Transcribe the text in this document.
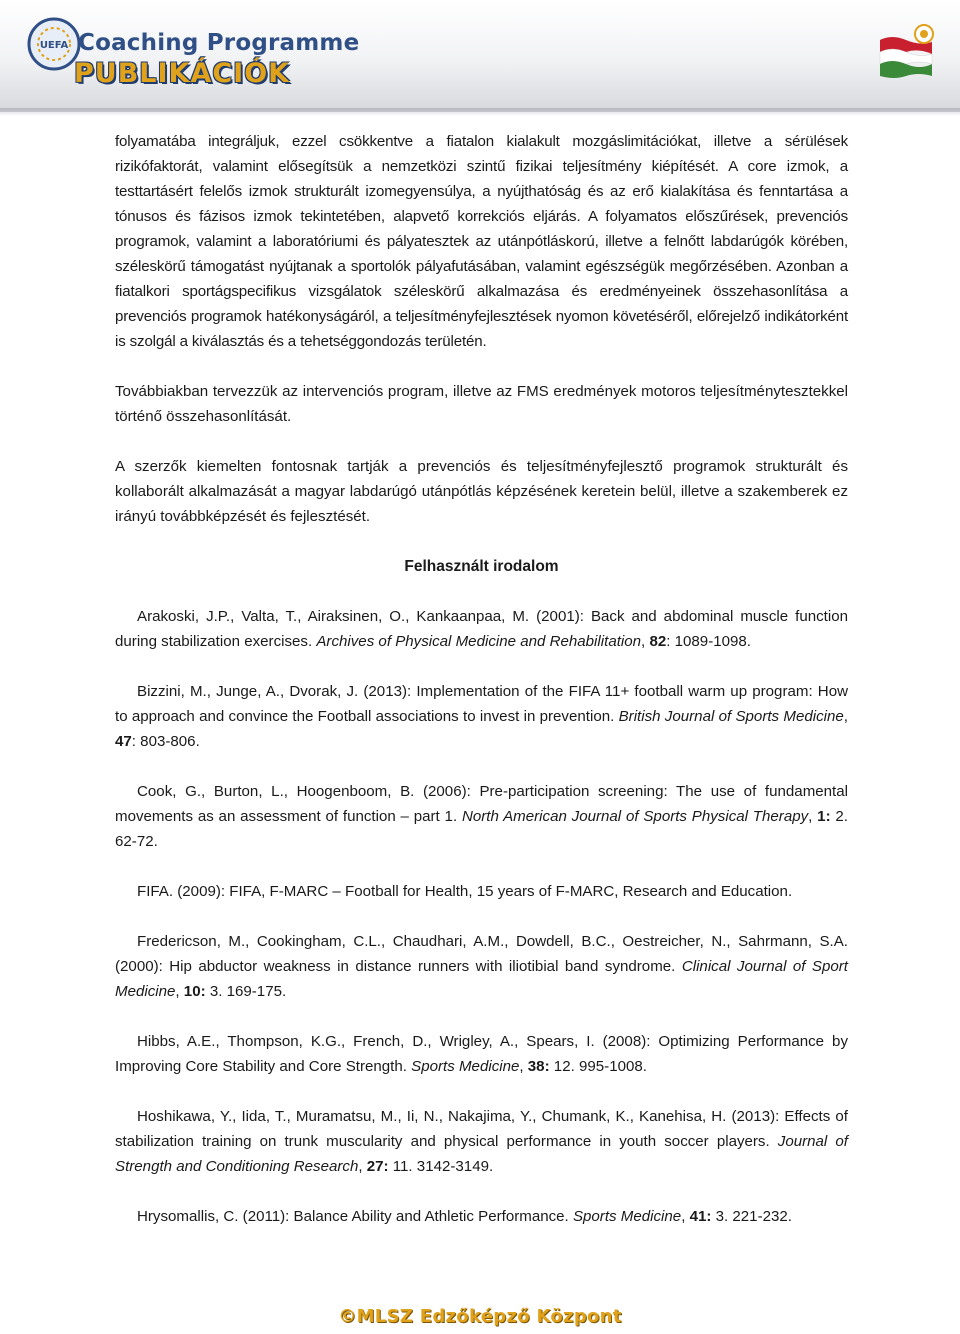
UEFA Coaching Programme
PUBLIKÁCIÓK

folyamatába integráljuk, ezzel csökkentve a fiatalon kialakult mozgáslimitációkat, illetve a sérülések rizikófaktorát, valamint elősegítsük a nemzetközi szintű fizikai teljesítmény kiépítését. A core izmok, a testtartásért felelős izmok strukturált izomegyensúlya, a nyújthatóság és az erő kialakítása és fenntartása a tónusos és fázisos izmok tekintetében, alapvető korrekciós eljárás. A folyamatos előszűrések, prevenciós programok, valamint a laboratóriumi és pályatesztek az utánpótláskorú, illetve a felnőtt labdarúgók körében, széleskörű támogatást nyújtanak a sportolók pályafutásában, valamint egészségük megőrzésében. Azonban a fiatalkori sportágspecifikus vizsgálatok széleskörű alkalmazása és eredményeinek összehasonlítása a prevenciós programok hatékonyságáról, a teljesítményfejlesztések nyomon követéséről, előrejelző indikátorként is szolgál a kiválasztás és a tehetséggondozás területén.

Továbbiakban tervezzük az intervenciós program, illetve az FMS eredmények motoros teljesítménytesztekkel történő összehasonlítását.

A szerzők kiemelten fontosnak tartják a prevenciós és teljesítményfejlesztő programok strukturált és kollaborált alkalmazását a magyar labdarúgó utánpótlás képzésének keretein belül, illetve a szakemberek ez irányú továbbképzését és fejlesztését.

Felhasznált irodalom

Arakoski, J.P., Valta, T., Airaksinen, O., Kankaanpaa, M. (2001): Back and abdominal muscle function during stabilization exercises. Archives of Physical Medicine and Rehabilitation, 82: 1089-1098.

Bizzini, M., Junge, A., Dvorak, J. (2013): Implementation of the FIFA 11+ football warm up program: How to approach and convince the Football associations to invest in prevention. British Journal of Sports Medicine, 47: 803-806.

Cook, G., Burton, L., Hoogenboom, B. (2006): Pre-participation screening: The use of fundamental movements as an assessment of function – part 1. North American Journal of Sports Physical Therapy, 1: 2. 62-72.

FIFA. (2009): FIFA, F-MARC – Football for Health, 15 years of F-MARC, Research and Education.

Fredericson, M., Cookingham, C.L., Chaudhari, A.M., Dowdell, B.C., Oestreicher, N., Sahrmann, S.A. (2000): Hip abductor weakness in distance runners with iliotibial band syndrome. Clinical Journal of Sport Medicine, 10: 3. 169-175.

Hibbs, A.E., Thompson, K.G., French, D., Wrigley, A., Spears, I. (2008): Optimizing Performance by Improving Core Stability and Core Strength. Sports Medicine, 38: 12. 995-1008.

Hoshikawa, Y., Iida, T., Muramatsu, M., Ii, N., Nakajima, Y., Chumank, K., Kanehisa, H. (2013): Effects of stabilization training on trunk muscularity and physical performance in youth soccer players. Journal of Strength and Conditioning Research, 27: 11. 3142-3149.

Hrysomallis, C. (2011): Balance Ability and Athletic Performance. Sports Medicine, 41: 3. 221-232.

©MLSZ Edzőképző Központ
